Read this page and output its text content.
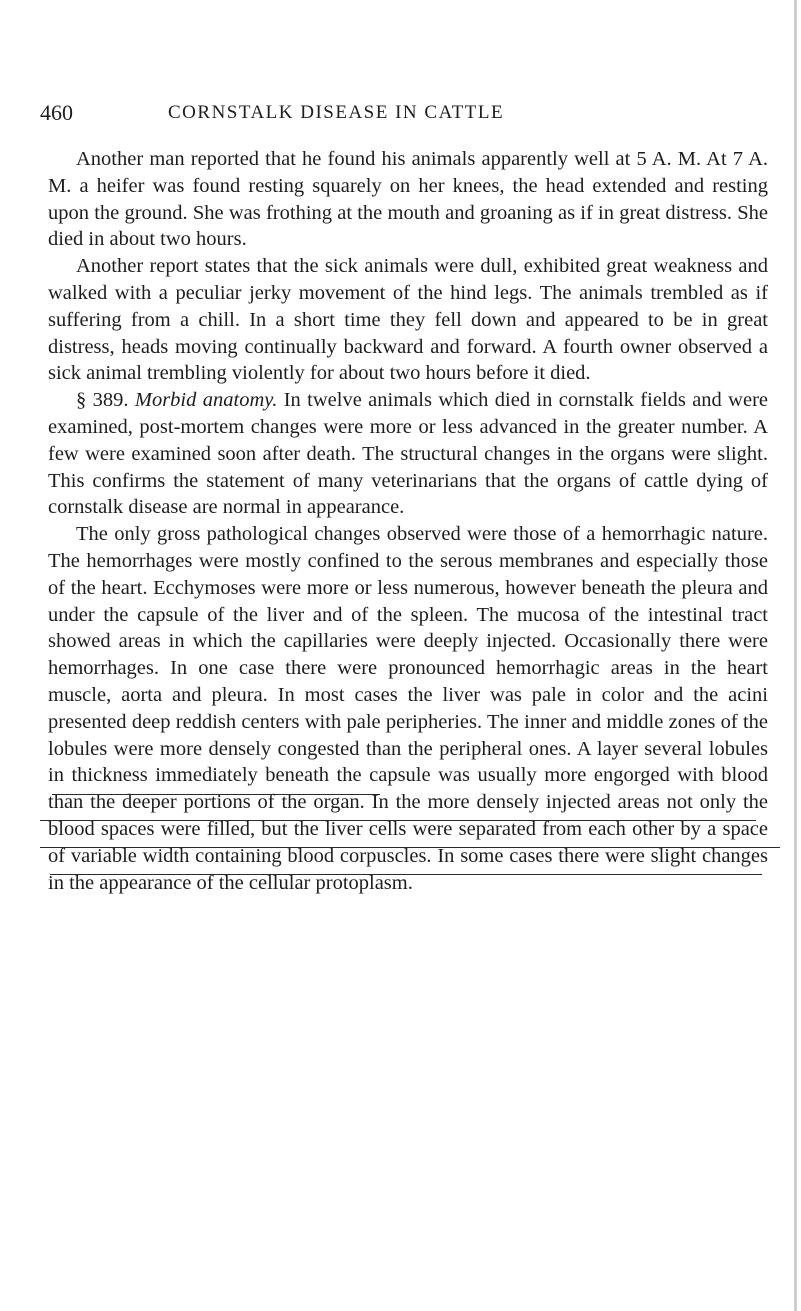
460	CORNSTALK DISEASE IN CATTLE

Another man reported that he found his animals apparently well at 5 A. M. At 7 A. M. a heifer was found resting squarely on her knees, the head extended and resting upon the ground. She was frothing at the mouth and groaning as if in great distress. She died in about two hours.

Another report states that the sick animals were dull, exhibited great weakness and walked with a peculiar jerky movement of the hind legs. The animals trembled as if suffering from a chill. In a short time they fell down and appeared to be in great distress, heads moving continually backward and forward. A fourth owner observed a sick animal trembling violently for about two hours before it died.

§ 389. Morbid anatomy. In twelve animals which died in cornstalk fields and were examined, post-mortem changes were more or less advanced in the greater number. A few were examined soon after death. The structural changes in the organs were slight. This confirms the statement of many veterinarians that the organs of cattle dying of cornstalk disease are normal in appearance.

The only gross pathological changes observed were those of a hemorrhagic nature. The hemorrhages were mostly confined to the serous membranes and especially those of the heart. Ecchymoses were more or less numerous, however beneath the pleura and under the capsule of the liver and of the spleen. The mucosa of the intestinal tract showed areas in which the capillaries were deeply injected. Occasionally there were hemorrhages. In one case there were pronounced hemorrhagic areas in the heart muscle, aorta and pleura. In most cases the liver was pale in color and the acini presented deep reddish centers with pale peripheries. The inner and middle zones of the lobules were more densely congested than the peripheral ones. A layer several lobules in thickness immediately beneath the capsule was usually more engorged with blood than the deeper portions of the organ. In the more densely injected areas not only the blood spaces were filled, but the liver cells were separated from each other by a space of variable width containing blood corpuscles. In some cases there were slight changes in the appearance of the cellular protoplasm.
